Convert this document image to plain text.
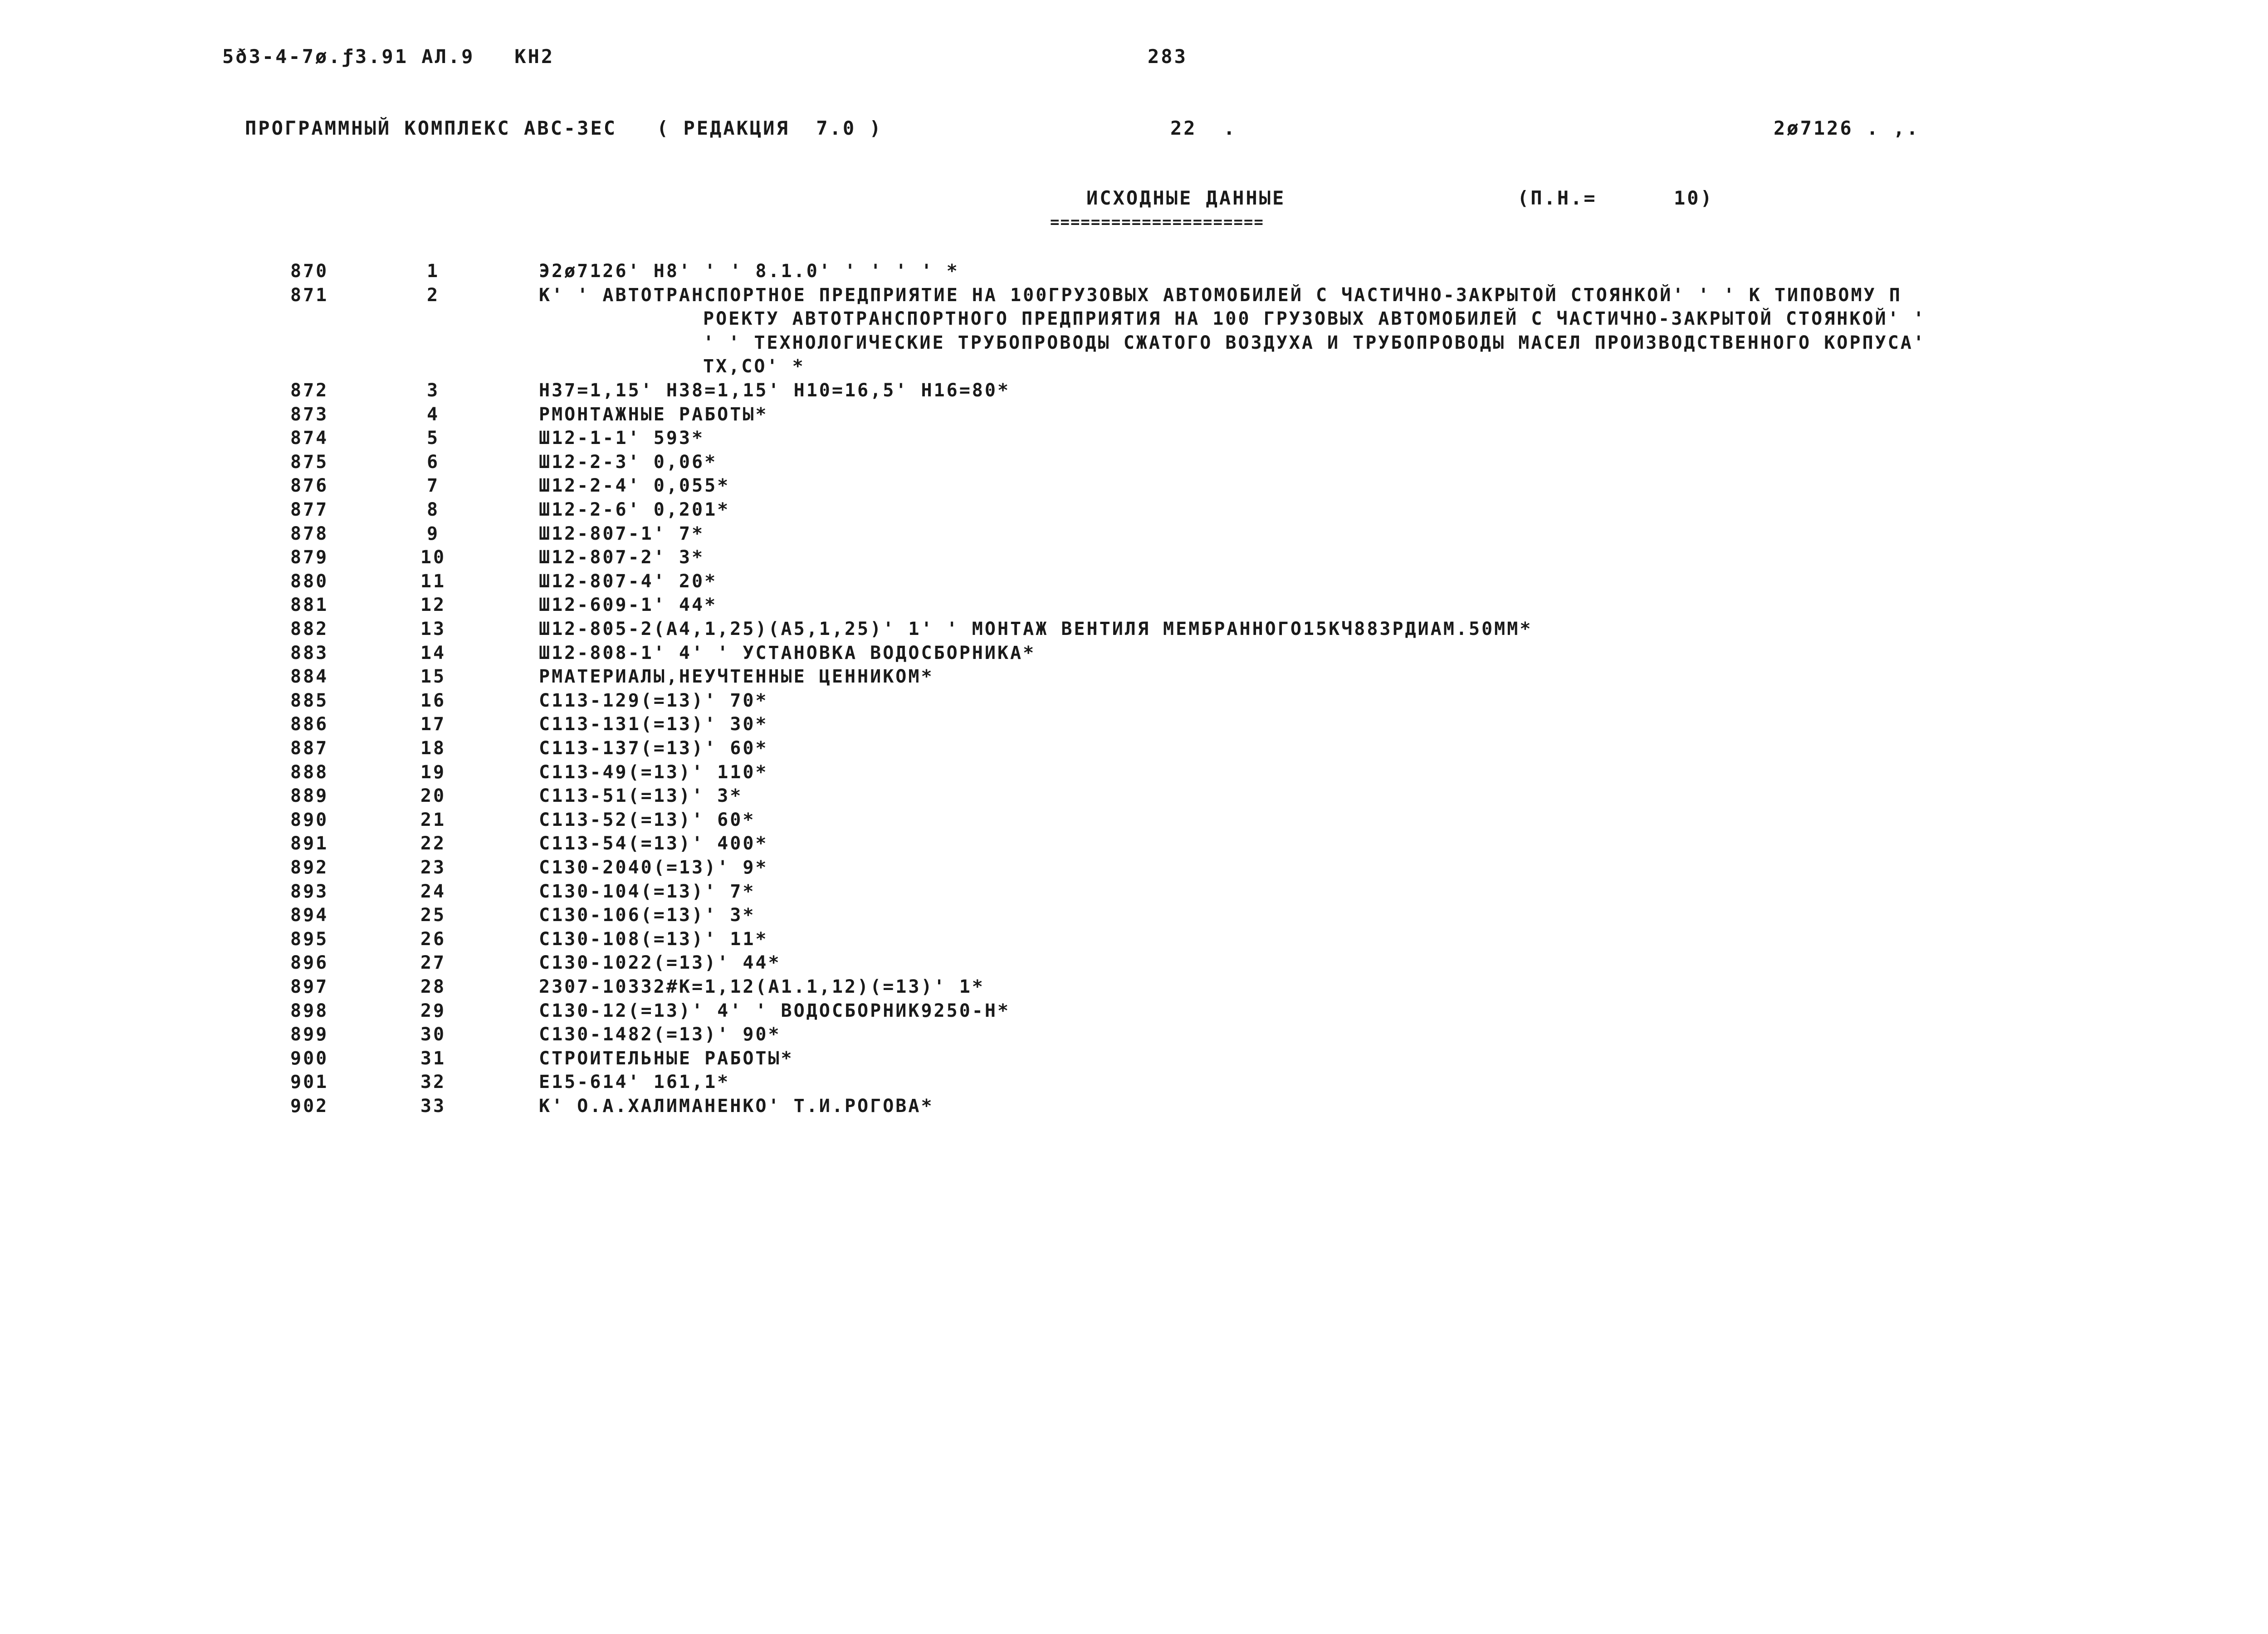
5ð3-4-7ø.ƒ3.91 АЛ.9   КН2	283
ПРОГРАММНЫЙ КОМПЛЕКС АВС-3ЕС   ( РЕДАКЦИЯ  7.0 )	22  .	2ø7126 . ,.
ИСХОДНЫЕ ДАННЫЕ
=====================
(П.Н.=	10)
870	1	Э2ø7126' Н8' ' ' 8.1.0' ' ' ' ' *
871	2	К' ' АВТОТРАНСПОРТНОЕ ПРЕДПРИЯТИЕ НА 100ГРУЗОВЫХ АВТОМОБИЛЕЙ С ЧАСТИЧНО-ЗАКРЫТОЙ СТОЯНКОЙ' ' ' К ТИПОВОМУ П
РОЕКТУ АВТОТРАНСПОРТНОГО ПРЕДПРИЯТИЯ НА 100 ГРУЗОВЫХ АВТОМОБИЛЕЙ С ЧАСТИЧНО-ЗАКРЫТОЙ СТОЯНКОЙ' '
' ' ТЕХНОЛОГИЧЕСКИЕ ТРУБОПРОВОДЫ СЖАТОГО ВОЗДУХА И ТРУБОПРОВОДЫ МАСЕЛ ПРОИЗВОДСТВЕННОГО КОРПУСА'
ТХ,СО' *
872	3	Н37=1,15' Н38=1,15' Н10=16,5' Н16=80*
873	4	РМОНТАЖНЫЕ РАБОТЫ*
874	5	Ш12-1-1' 593*
875	6	Ш12-2-3' 0,06*
876	7	Ш12-2-4' 0,055*
877	8	Ш12-2-6' 0,201*
878	9	Ш12-807-1' 7*
879	10	Ш12-807-2' 3*
880	11	Ш12-807-4' 20*
881	12	Ш12-609-1' 44*
882	13	Ш12-805-2(А4,1,25)(А5,1,25)' 1' ' МОНТАЖ ВЕНТИЛЯ МЕМБРАННОГО15КЧ883РДИАМ.50ММ*
883	14	Ш12-808-1' 4' ' УСТАНОВКА ВОДОСБОРНИКА*
884	15	РМАТЕРИАЛЫ,НЕУЧТЕННЫЕ ЦЕННИКОМ*
885	16	С113-129(=13)' 70*
886	17	С113-131(=13)' 30*
887	18	С113-137(=13)' 60*
888	19	С113-49(=13)' 110*
889	20	С113-51(=13)' 3*
890	21	С113-52(=13)' 60*
891	22	С113-54(=13)' 400*
892	23	С130-2040(=13)' 9*
893	24	С130-104(=13)' 7*
894	25	С130-106(=13)' 3*
895	26	С130-108(=13)' 11*
896	27	С130-1022(=13)' 44*
897	28	2307-10332#К=1,12(А1.1,12)(=13)' 1*
898	29	С130-12(=13)' 4' ' ВОДОСБОРНИК9250-Н*
899	30	С130-1482(=13)' 90*
900	31	СТРОИТЕЛЬНЫЕ РАБОТЫ*
901	32	Е15-614' 161,1*
902	33	К' О.А.ХАЛИМАНЕНКО' Т.И.РОГОВА*
